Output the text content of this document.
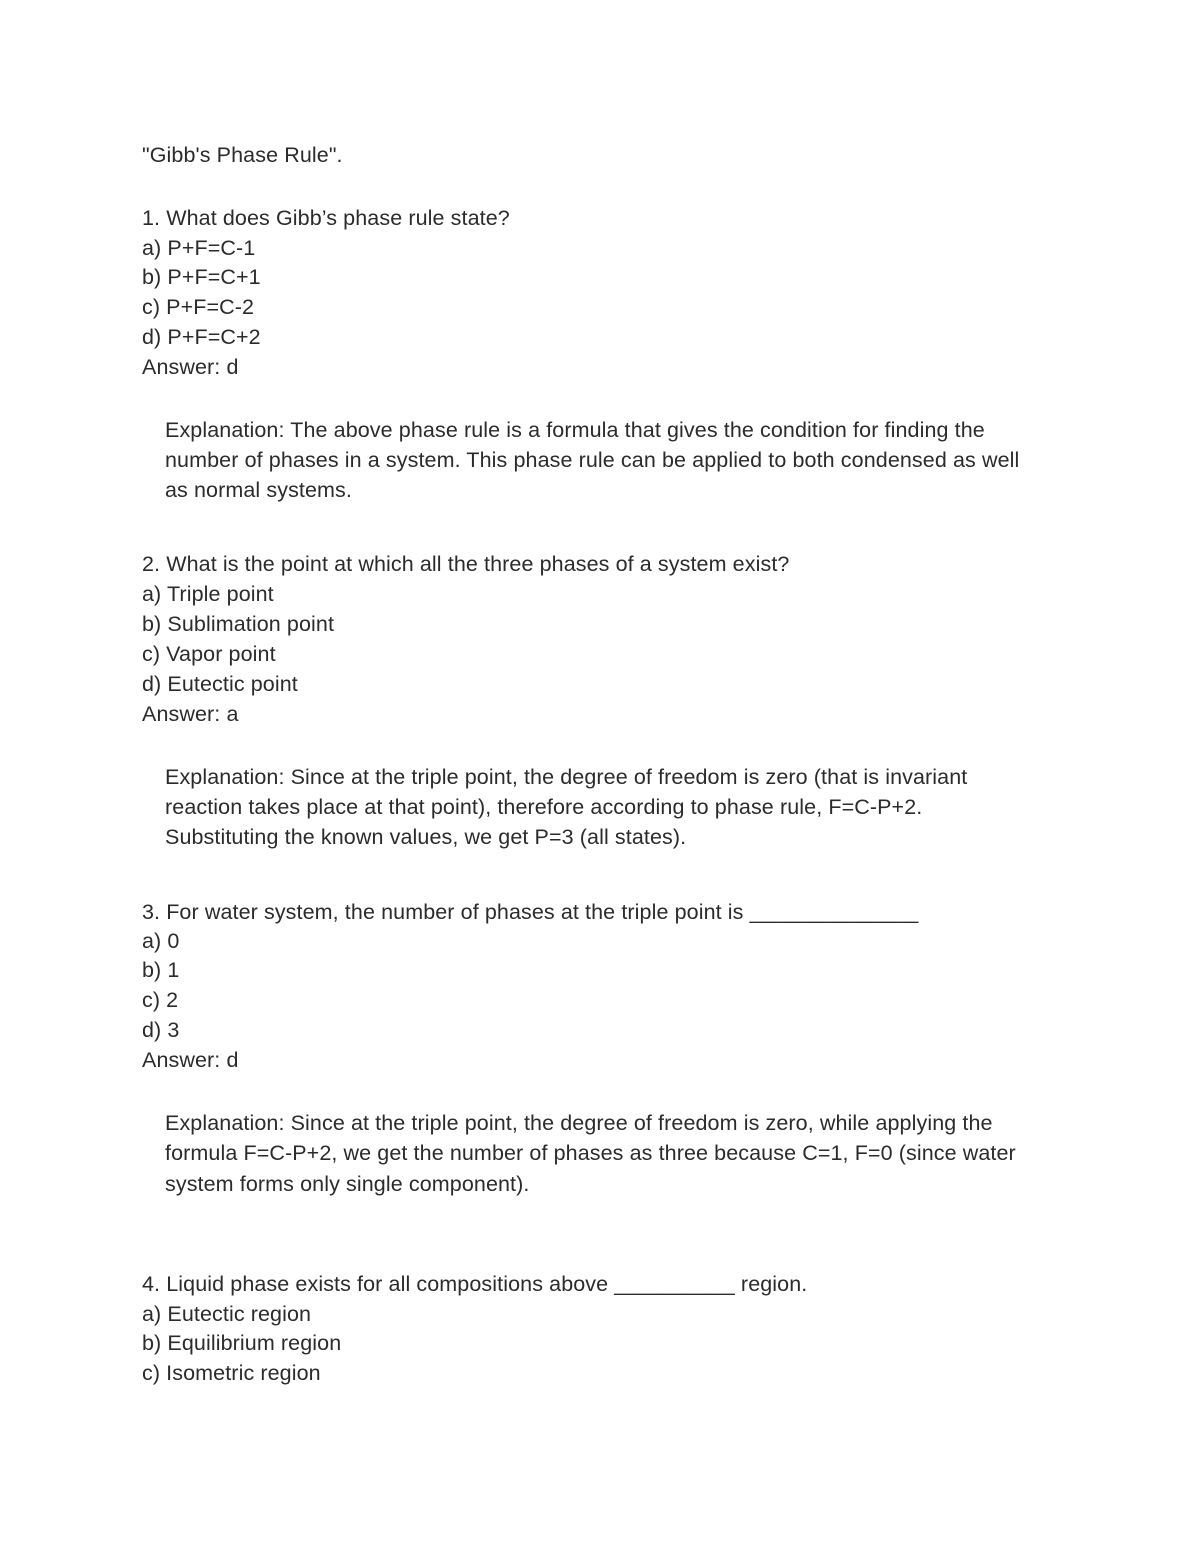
"Gibb's Phase Rule".
1. What does Gibb’s phase rule state?
a) P+F=C-1
b) P+F=C+1
c) P+F=C-2
d) P+F=C+2
Answer: d
Explanation: The above phase rule is a formula that gives the condition for finding the
number of phases in a system. This phase rule can be applied to both condensed as well
as normal systems.
2. What is the point at which all the three phases of a system exist?
a) Triple point
b) Sublimation point
c) Vapor point
d) Eutectic point
Answer: a
Explanation: Since at the triple point, the degree of freedom is zero (that is invariant
reaction takes place at that point), therefore according to phase rule, F=C-P+2.
Substituting the known values, we get P=3 (all states).
3. For water system, the number of phases at the triple point is ______________
a) 0
b) 1
c) 2
d) 3
Answer: d
Explanation: Since at the triple point, the degree of freedom is zero, while applying the
formula F=C-P+2, we get the number of phases as three because C=1, F=0 (since water
system forms only single component).
4. Liquid phase exists for all compositions above __________ region.
a) Eutectic region
b) Equilibrium region
c) Isometric region
